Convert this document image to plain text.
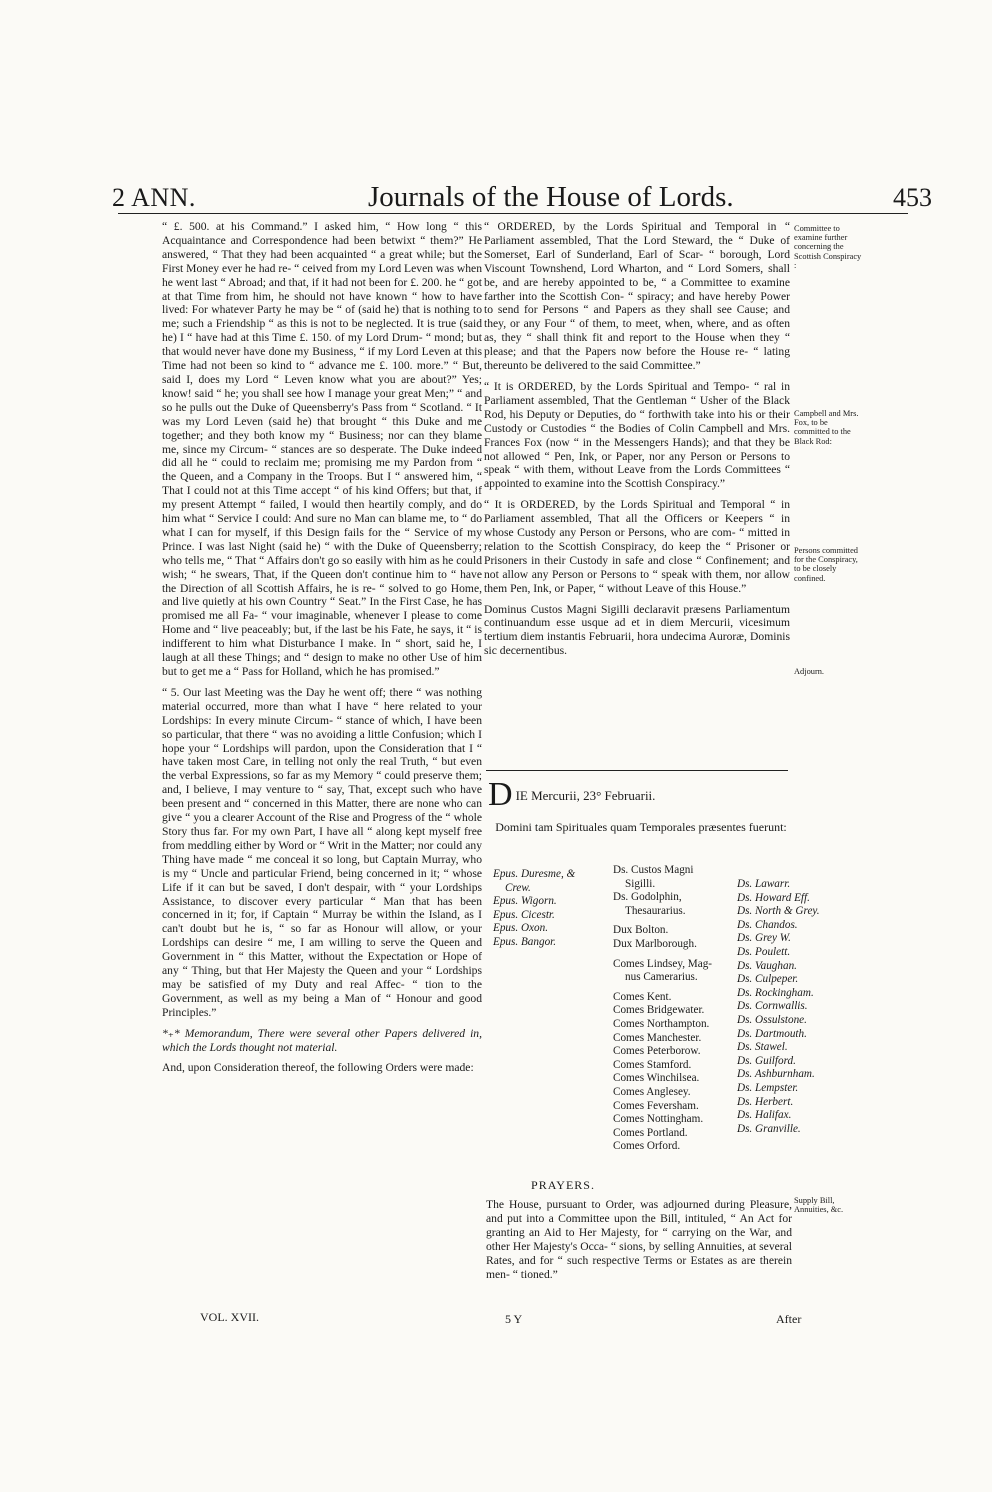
2 ANN.	Journals of the House of Lords.	453

“ £. 500. at his Command.” I asked him, “ How long “ this Acquaintance and Correspondence had been betwixt “ them?” He answered, “ That they had been acquainted “ a great while; but the First Money ever he had re- “ ceived from my Lord Leven was when he went last “ Abroad; and that, if it had not been for £. 200. he “ got at that Time from him, he should not have known “ how to have lived: For whatever Party he may be “ of (said he) that is nothing to me; such a Friendship “ as this is not to be neglected. It is true (said he) I “ have had at this Time £. 150. of my Lord Drum- “ mond; but that would never have done my Business, “ if my Lord Leven at this Time had not been so kind to “ advance me £. 100. more.” “ But, said I, does my Lord “ Leven know what you are about?” Yes; know! said “ he; you shall see how I manage your great Men;” “ and so he pulls out the Duke of Queensberry's Pass from “ Scotland. “ It was my Lord Leven (said he) that brought “ this Duke and me together; and they both know my “ Business; nor can they blame me, since my Circum- “ stances are so desperate. The Duke indeed did all he “ could to reclaim me; promising me my Pardon from “ the Queen, and a Company in the Troops. But I “ answered him, “ That I could not at this Time accept “ of his kind Offers; but that, if my present Attempt “ failed, I would then heartily comply, and do him what “ Service I could: And sure no Man can blame me, to “ do what I can for myself, if this Design fails for the “ Service of my Prince. I was last Night (said he) “ with the Duke of Queensberry; who tells me, “ That “ Affairs don't go so easily with him as he could wish; “ he swears, That, if the Queen don't continue him to “ have the Direction of all Scottish Affairs, he is re- “ solved to go Home, and live quietly at his own Country “ Seat.” In the First Case, he has promised me all Fa- “ vour imaginable, whenever I please to come Home and “ live peaceably; but, if the last be his Fate, he says, it “ is indifferent to him what Disturbance I make. In “ short, said he, I laugh at all these Things; and “ design to make no other Use of him but to get me a “ Pass for Holland, which he has promised.”

“ 5. Our last Meeting was the Day he went off; there “ was nothing material occurred, more than what I have “ here related to your Lordships: In every minute Circum- “ stance of which, I have been so particular, that there “ was no avoiding a little Confusion; which I hope your “ Lordships will pardon, upon the Consideration that I “ have taken most Care, in telling not only the real Truth, “ but even the verbal Expressions, so far as my Memory “ could preserve them; and, I believe, I may venture to “ say, That, except such who have been present and “ concerned in this Matter, there are none who can give “ you a clearer Account of the Rise and Progress of the “ whole Story thus far. For my own Part, I have all “ along kept myself free from meddling either by Word or “ Writ in the Matter; nor could any Thing have made “ me conceal it so long, but Captain Murray, who is my “ Uncle and particular Friend, being concerned in it; “ whose Life if it can but be saved, I don't despair, with “ your Lordships Assistance, to discover every particular “ Man that has been concerned in it; for, if Captain “ Murray be within the Island, as I can't doubt but he is, “ so far as Honour will allow, or your Lordships can desire “ me, I am willing to serve the Queen and Government in “ this Matter, without the Expectation or Hope of any “ Thing, but that Her Majesty the Queen and your “ Lordships may be satisfied of my Duty and real Affec- “ tion to the Government, as well as my being a Man of “ Honour and good Principles.”

*₊* Memorandum, There were several other Papers delivered in, which the Lords thought not material.

And, upon Consideration thereof, the following Orders were made:

VOL. XVII.

“ ORDERED, by the Lords Spiritual and Temporal in “ Parliament assembled, That the Lord Steward, the “ Duke of Somerset, Earl of Sunderland, Earl of Scar- “ borough, Lord Viscount Townshend, Lord Wharton, and “ Lord Somers, shall be, and are hereby appointed to be, “ a Committee to examine farther into the Scottish Con- “ spiracy; and have hereby Power to send for Persons “ and Papers as they shall see Cause; and they, or any Four “ of them, to meet, when, where, and as often as, they “ shall think fit and report to the House when they “ please; and that the Papers now before the House re- “ lating thereunto be delivered to the said Committee.”

“ It is ORDERED, by the Lords Spiritual and Tempo- “ ral in Parliament assembled, That the Gentleman “ Usher of the Black Rod, his Deputy or Deputies, do “ forthwith take into his or their Custody or Custodies “ the Bodies of Colin Campbell and Mrs. Frances Fox (now “ in the Messengers Hands); and that they be not allowed “ Pen, Ink, or Paper, nor any Person or Persons to speak “ with them, without Leave from the Lords Committees “ appointed to examine into the Scottish Conspiracy.”

“ It is ORDERED, by the Lords Spiritual and Temporal “ in Parliament assembled, That all the Officers or Keepers “ in whose Custody any Person or Persons, who are com- “ mitted in relation to the Scottish Conspiracy, do keep the “ Prisoner or Prisoners in their Custody in safe and close “ Confinement; and not allow any Person or Persons to “ speak with them, nor allow them Pen, Ink, or Paper, “ without Leave of this House.”

Dominus Custos Magni Sigilli declaravit præsens Parliamentum continuandum esse usque ad et in diem Mercurii, vicesimum tertium diem instantis Februarii, hora undecima Auroræ, Dominis sic decernentibus.

Committee to examine further concerning the Scottish Conspiracy :
Campbell and Mrs. Fox, to be committed to the Black Rod:
Persons committed for the Conspiracy, to be closely confined.
Adjourn.
Supply Bill, Annuities, &c.
D IE Mercurii, 23° Februarii.
Domini tam Spirituales quam Temporales præsentes fuerunt:
Epus. Duresme, &
Crew.
Epus. Wigorn.
Epus. Cicestr.
Epus. Oxon.
Epus. Bangor.
Ds. Custos Magni
Sigilli.
Ds. Godolphin,
Thesaurarius.
Dux Bolton.
Dux Marlborough.
Comes Lindsey, Mag-
nus Camerarius.
Comes Kent.
Comes Bridgewater.
Comes Northampton.
Comes Manchester.
Comes Peterborow.
Comes Stamford.
Comes Winchilsea.
Comes Anglesey.
Comes Feversham.
Comes Nottingham.
Comes Portland.
Comes Orford.
Ds. Lawarr.
Ds. Howard Eff.
Ds. North & Grey.
Ds. Chandos.
Ds. Grey W.
Ds. Poulett.
Ds. Vaughan.
Ds. Culpeper.
Ds. Rockingham.
Ds. Cornwallis.
Ds. Ossulstone.
Ds. Dartmouth.
Ds. Stawel.
Ds. Guilford.
Ds. Ashburnham.
Ds. Lempster.
Ds. Herbert.
Ds. Halifax.
Ds. Granville.
PRAYERS.
The House, pursuant to Order, was adjourned during Pleasure, and put into a Committee upon the Bill, intituled, “ An Act for granting an Aid to Her Majesty, for “ carrying on the War, and other Her Majesty's Occa- “ sions, by selling Annuities, at several Rates, and for “ such respective Terms or Estates as are therein men- “ tioned.”
5 Y	After
